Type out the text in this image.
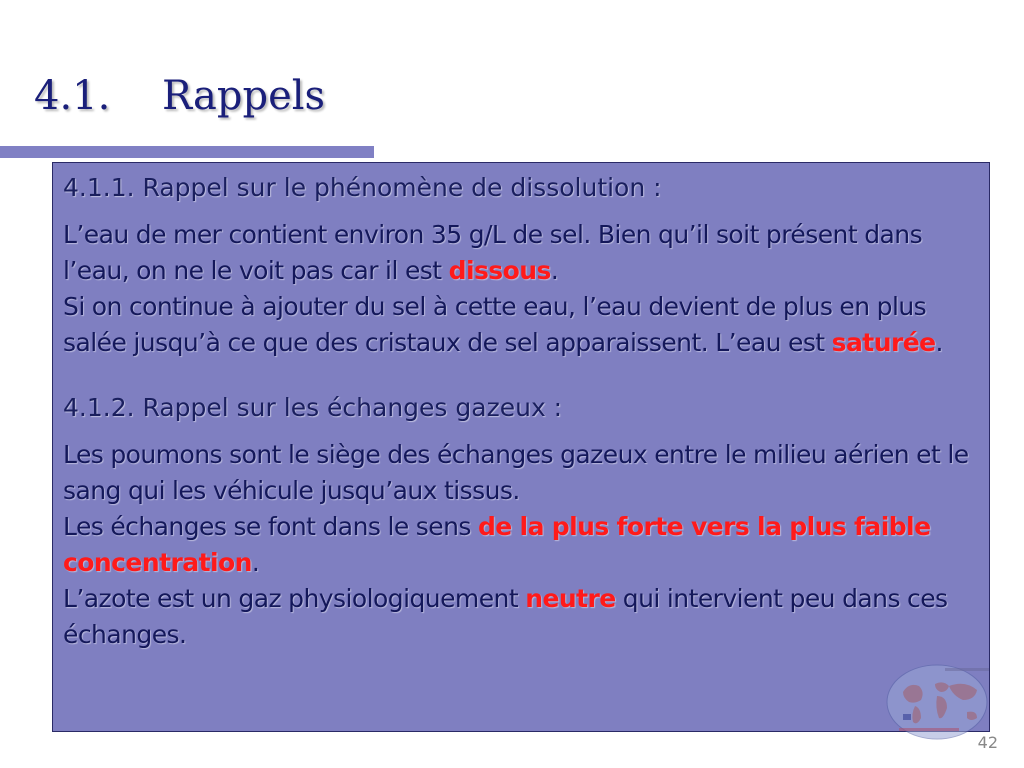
4.1. Rappels

4.1.1. Rappel sur le phénomène de dissolution :

L’eau de mer contient environ 35 g/L de sel. Bien qu’il soit présent dans l’eau, on ne le voit pas car il est dissous.
Si on continue à ajouter du sel à cette eau, l’eau devient de plus en plus salée jusqu’à ce que des cristaux de sel apparaissent. L’eau est saturée.

4.1.2. Rappel sur les échanges gazeux :

Les poumons sont le siège des échanges gazeux entre le milieu aérien et le sang qui les véhicule jusqu’aux tissus.
Les échanges se font dans le sens de la plus forte vers la plus faible concentration.
L’azote est un gaz physiologiquement neutre qui intervient peu dans ces échanges.

42
